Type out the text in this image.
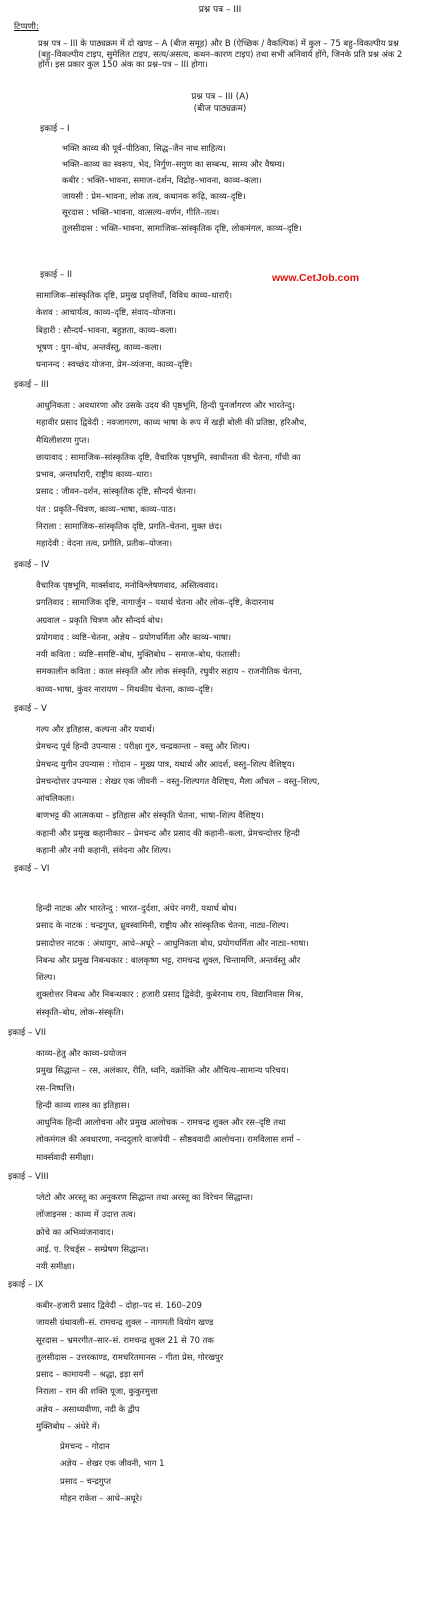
प्रश्न पत्र – III
टिप्पणी:
प्रश्न पत्र – III के पाठ्यक्रम में दो खण्ड – A (बीज समूह) और B (ऐच्छिक / वैकल्पिक) में कुल – 75 बहु–विकल्पीय प्रश्न (बहु–विकल्पीय टाइप, सुमेलित टाइप, सत्य/असत्य, कथन–कारण टाइप) तथा सभी अनिवार्य होंगे, जिनके प्रति प्रश्न अंक 2 होंगे। इस प्रकार कुल 150 अंक का प्रश्न–पत्र – III होगा।
प्रश्न पत्र – III (A)
(बीज पाठ्यक्रम)
www.CetJob.com
इकाई – I
भक्ति काव्य की पूर्व–पीठिका, सिद्ध–जैन नाथ साहित्य।
भक्ति–काव्य का स्वरूप, भेद, निर्गुण–सगुण का सम्बन्ध, साम्य और वैषम्य।
कबीर : भक्ति–भावना, समाज–दर्शन, विद्रोह–भावना, काव्य–कला।
जायसी : प्रेम–भावना, लोक तत्व, कथानक रूढ़ि, काव्य–दृष्टि।
सूरदास : भक्ति–भावना, वात्सल्य–वर्णन, गीति–तत्व।
तुलसीदास : भक्ति–भावना, सामाजिक–सांस्कृतिक दृष्टि, लोकमंगल, काव्य–दृष्टि।
इकाई – II
सामाजिक–सांस्कृतिक दृष्टि, प्रमुख प्रवृत्तियाँ, विविध काव्य–धाराएँ।
केशव : आचार्यत्व, काव्य–दृष्टि, संवाद–योजना।
बिहारी : सौन्दर्य–भावना, बहुज्ञता, काव्य–कला।
भूषण : युग–बोध, अन्तर्वस्तु, काव्य–कला।
घनानन्द : स्वच्छंद योजना, प्रेम–व्यंजना, काव्य–दृष्टि।
इकाई – III
आधुनिकता : अवधारणा और उसके उदय की पृष्ठभूमि, हिन्दी पुनर्जागरण और भारतेन्दु।
महावीर प्रसाद द्विवेदी : नवजागरण, काव्य भाषा के रूप में खड़ी बोली की प्रतिष्ठा, हरिऔध,
मैथिलीशरण गुप्त।
छायावाद : सामाजिक–सांस्कृतिक दृष्टि, वैचारिक पृष्ठभूमि, स्वाधीनता की चेतना, गाँधी का
प्रभाव, अन्तर्धाराएँ, राष्ट्रीय काव्य–धारा।
प्रसाद : जीवन–दर्शन, सांस्कृतिक दृष्टि, सौन्दर्य चेतना।
पंत : प्रकृति–चित्रण, काव्य–भाषा, काव्य–पाठ।
निराला : सामाजिक–सांस्कृतिक दृष्टि, प्रगति–चेतना, मुक्त छंद।
महादेवी : वेदना तत्व, प्रगीति, प्रतीक–योजना।
इकाई – IV
वैचारिक पृष्ठभूमि, मार्क्सवाद, मनोविश्लेषणवाद, अस्तित्ववाद।
प्रगतिवाद : सामाजिक दृष्टि, नागार्जुन – यथार्थ चेतना और लोक–दृष्टि, केदारनाथ
अग्रवाल – प्रकृति चित्रण और सौन्दर्य बोध।
प्रयोगवाद : व्यष्टि–चेतना, अज्ञेय – प्रयोगधर्मिता और काव्य–भाषा।
नयी कविता : व्यष्टि–समष्टि–बोध, मुक्तिबोध – समाज–बोध, फंतासी।
समकालीन कविता : काल संस्कृति और लोक संस्कृति, रघुवीर सहाय – राजनीतिक चेतना,
काव्य–भाषा, कुंवर नारायण – मिथकीय चेतना, काव्य–दृष्टि।
इकाई – V
गल्प और इतिहास, कल्पना और यथार्थ।
प्रेमचन्द पूर्व हिन्दी उपन्यास : परीक्षा गुरु, चन्द्रकान्ता – वस्तु और शिल्प।
प्रेमचन्द युगीन उपन्यास : गोदान – मुख्य पात्र, यथार्थ और आदर्श, वस्तु–शिल्प वैशिष्ट्य।
प्रेमचन्दोत्तर उपन्यास : शेखर एक जीवनी – वस्तु–शिल्पगत वैशिष्ट्य, मैला आँचल – वस्तु–शिल्प,
आंचलिकता।
बाणभट्ट की आत्मकथा – इतिहास और संस्कृति चेतना, भाषा–शिल्प वैशिष्ट्य।
कहानी और प्रमुख कहानीकार – प्रेमचन्द और प्रसाद की कहानी–कला, प्रेमचन्दोत्तर हिन्दी
कहानी और नयी कहानी, संवेदना और शिल्प।
इकाई – VI
हिन्दी नाटक और भारतेन्दु : भारत–दुर्दशा, अंधेर नगरी, यथार्थ बोध।
प्रसाद के नाटक : चन्द्रगुप्त, ध्रुवस्वामिनी, राष्ट्रीय और सांस्कृतिक चेतना, नाट्य–शिल्प।
प्रसादोत्तर नाटक : अंधायुग, आधे–अधूरे – आधुनिकता बोध, प्रयोगधर्मिता और नाट्य–भाषा।
निबन्ध और प्रमुख निबन्धकार : बालकृष्ण भट्ट, रामचन्द्र शुक्ल, चिन्तामणि, अन्तर्वस्तु और
शिल्प।
शुक्लोत्तर निबन्ध और निबन्धकार : हजारी प्रसाद द्विवेदी, कुबेरनाथ राय, विद्यानिवास मिश्र,
संस्कृति–बोध, लोक–संस्कृति।
इकाई – VII
काव्य–हेतु और काव्य–प्रयोजन
प्रमुख सिद्धान्त – रस, अलंकार, रीति, ध्वनि, वक्रोक्ति और औचित्य–सामान्य परिचय।
रस–निष्पत्ति।
हिन्दी काव्य शास्त्र का इतिहास।
आधुनिक हिन्दी आलोचना और प्रमुख आलोचक – रामचन्द्र शुक्ल और रस–दृष्टि तथा
लोकमंगल की अवधारणा, नन्ददुलारे वाजपेयी – सौष्ठववादी आलोचना। रामविलास शर्मा –
मार्क्सवादी समीक्षा।
इकाई – VIII
प्लेटो और अरस्तू का अनुकरण सिद्धान्त तथा अरस्तू का विरेचन सिद्धान्त।
लोंजाइनस : काव्य में उदात्त तत्व।
क्रोचे का अभिव्यंजनावाद।
आई. ए. रिचर्ड्स – सम्प्रेषण सिद्धान्त।
नयी समीक्षा।
इकाई – IX
कबीर–हजारी प्रसाद द्विवेदी – दोहा–पद सं. 160–209
जायसी ग्रंथावली–सं. रामचन्द्र शुक्ल – नागमती वियोग खण्ड
सूरदास – भ्रमरगीत–सार–सं. रामचन्द्र शुक्ल 21 से 70 तक
तुलसीदास – उत्तरकाण्ड, रामचरितमानस – गीता प्रेस, गोरखपुर
प्रसाद – कामायनी – श्रद्धा, इड़ा सर्ग
निराला – राम की शक्ति पूजा, कुकुरमुत्ता
अज्ञेय – असाध्यवीणा, नदी के द्वीप
मुक्तिबोध – अंधेरे में।
प्रेमचन्द – गोदान
अज्ञेय – शेखर एक जीवनी, भाग 1
प्रसाद – चन्द्रगुप्त
मोहन राकेश – आधे–अधूरे।
